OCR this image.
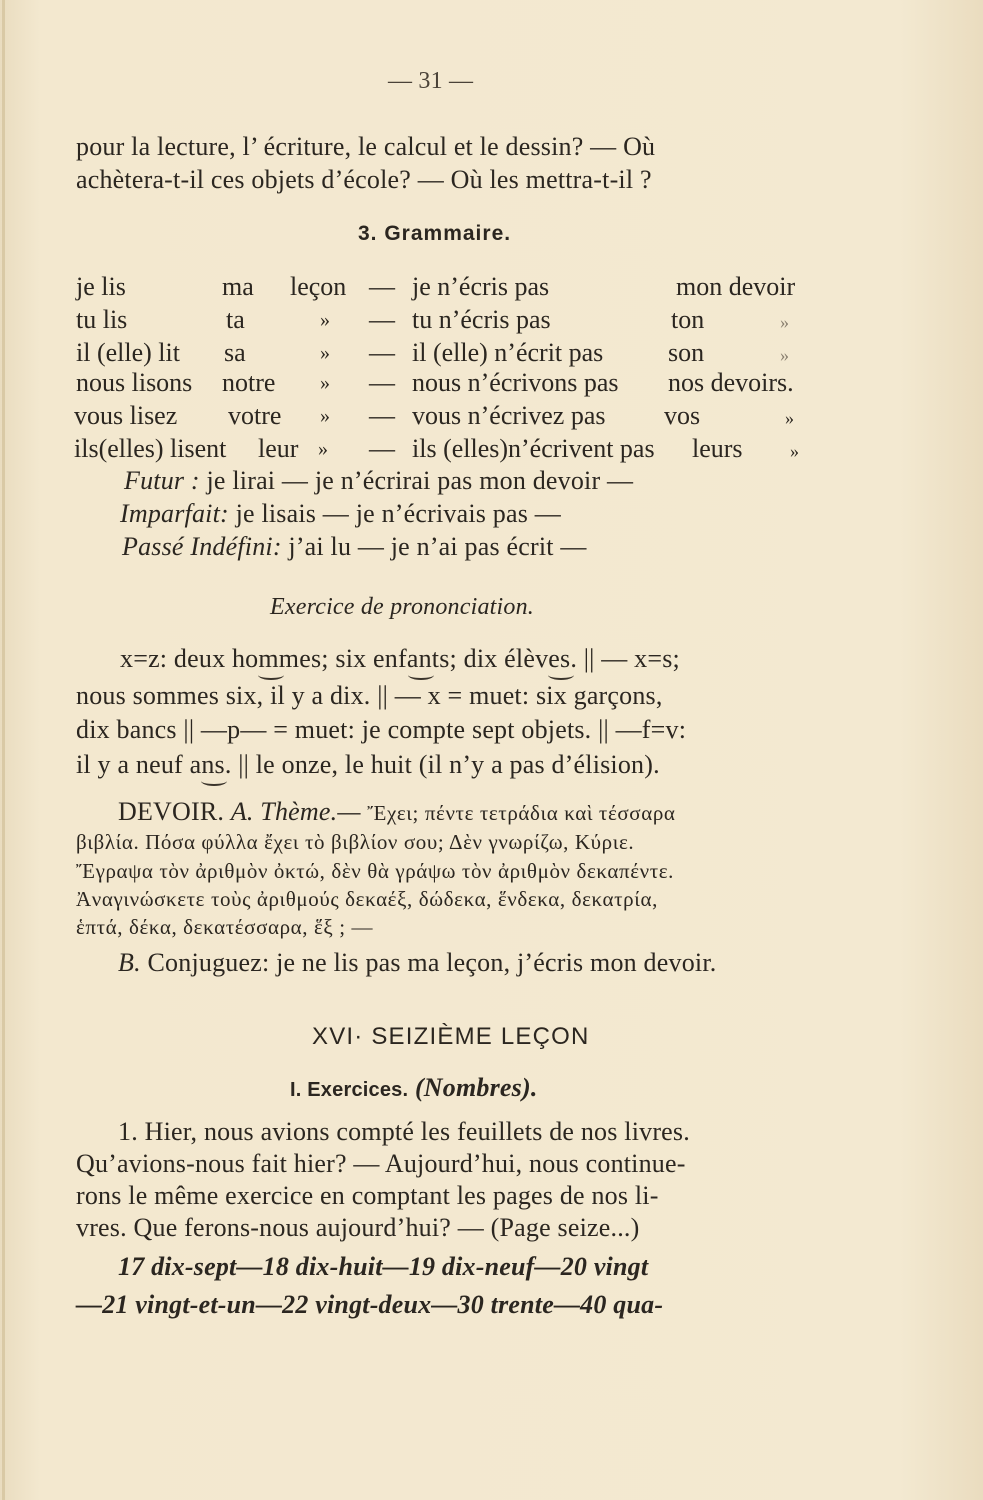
— 31 —
pour la lecture, l’ écriture, le calcul et le dessin? — Où
achètera-t-il ces objets d’école? — Où les mettra-t-il ?
3. Grammaire.
je lis	ma leçon — je n’écris pas	mon devoir
tu lis	ta	» — tu n’écris pas	ton	»
il (elle) lit sa	» — il (elle) n’écrit pas son	»
nous lisons notre » — nous n’écrivons pas nos devoirs.
vous lisez votre » — vous n’écrivez pas vos	»
ils(elles) lisent leur » — ils (elles)n’écrivent pas leurs	»
Futur : je lirai — je n’écrirai pas mon devoir —
Imparfait: je lisais — je n’écrivais pas —
Passé Indéfini: j’ai lu — je n’ai pas écrit —
Exercice de prononciation.
x=z: deux hommes; six enfants; dix élèves. || — x=s;
nous sommes six, il y a dix. || — x = muet: six garçons,
dix bancs || —p— = muet: je compte sept objets. || —f=v:
il y a neuf ans. || le onze, le huit (il n’y a pas d’élision).
DEVOIR. A. Thème.— Ἔχει; πέντε τετράδια καὶ τέσσαρα
βιβλία. Πόσα φύλλα ἔχει τὸ βιβλίον σου; Δὲν γνωρίζω, Κύριε.
Ἔγραψα τὸν ἀριθμὸν ὀκτώ, δὲν θὰ γράψω τὸν ἀριθμὸν δεκαπέντε.
Ἀναγινώσκετε τοὺς ἀριθμούς δεκαέξ, δώδεκα, ἕνδεκα, δεκατρία,
ἑπτά, δέκα, δεκατέσσαρα, ἕξ ; —
B. Conjuguez: je ne lis pas ma leçon, j’écris mon devoir.
XVI· SEIZIÈME LEÇON
I. Exercices. (Nombres).
1. Hier, nous avions compté les feuillets de nos livres.
Qu’avions-nous fait hier? — Aujourd’hui, nous continue-
rons le même exercice en comptant les pages de nos li-
vres. Que ferons-nous aujourd’hui? — (Page seize...)
17 dix-sept—18 dix-huit—19 dix-neuf—20 vingt
—21 vingt-et-un—22 vingt-deux—30 trente—40 qua-
